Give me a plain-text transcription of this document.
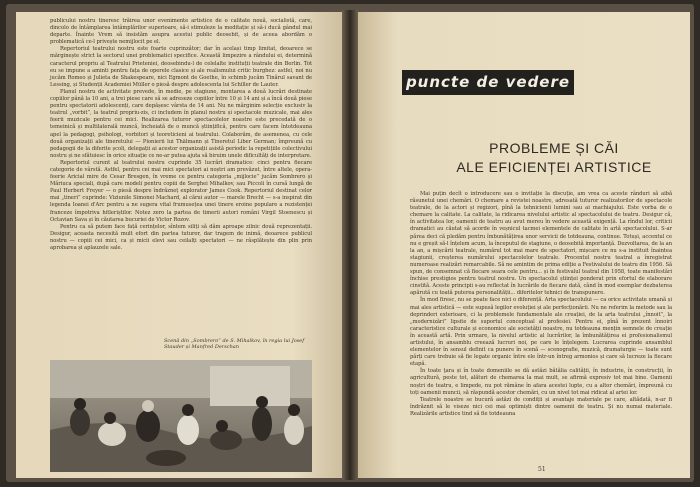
publicului nostru tineresc trăirea unor evenimente artistice de o calitate nouă, socialistă, care, dincolo de întâmplarea întâmplărilor superioare, să-i stimuleze la meditație și să-i ducă gândul mai departe. Înainte Vrem să insistăm asupra acestui public deosebit, și de aceea abordăm o problematică ce-l privește nemijlocit pe el.

Repertoriul teatrului nostru este foarte cuprinzător; dar în același timp limitat, deoarece se mărginește strict la sectorul unei problematici specifice. Această limpezire a rândului ei, determină caracterul propriu al Teatrului Prieteniei, deosebindu-l de celelalte instituții teatrale din Berlin. Tot eu se impune a aminti pentru fața de operele clasice și ale realismului critic burghez: astfel, noi nu jucăm Romeo și Julieta de Shakespeare, nici Egmont de Goethe, în schimb jucăm Tinărul savant de Lessing, și Studenții Academiei Müller o piesă despre adolescenta lui Schiller de Lauter.

Planul nostru de activitate prevede, în medie, pe stagiune, montarea a două lucrări destinate copiilor până la 10 ani, a trei piese care să se adreseze copiilor între 10 și 14 ani și a încă două piese pentru spectatorii adolescenți, care depășesc vârsta de 14 ani. Nu ne mărginim selecție exclusiv la teatrul „vorbit”, la teatrul propriu-zis, ci includem în planul nostru și spectacole muzicale, mai ales feerii muzicale pentru cei mici. Realizarea tuturor spectacolelor noastre este precedată de o temeinică și multilaterală muncă, încheiată de o muncă științifică, pentru care facem întotdeauna apel la pedagogi, psihologi, vorbitori și teoreticieni ai teatrului. Colaborăm, de asemenea, cu cele două organizații ale tineretului — Pionierii lui Thälmann și Tineretul Liber German; împreună cu pedagogii de la diferite școli, delegații ai acestor organizații asistă periodic la repetițiile colectivului nostru și ne sfătuiesc în orice situație ce ne-ar putea ajuta să biruim unele dificultăți de interpretare.

Repertoriul curent al teatrului nostru cuprinde 35 lucrări dramatice: cinci pentru fiecare categorie de vârstă. Astfel, pentru cei mai mici spectatori ai noștri am prevăzut, între altele, opera-feerie Aricial mire de Cesar Bresgen, în vreme ce pentru categoria „mijlocie” jucăm Sombrero și Măriuca speciali, după care modeli pentru copiii de Serghei Mihalkov, sau Piccoli în cursă lungă de Paul Herbert Freyer — o piesă despre îndrăzneț explorator James Cook. Repertoriul destinat celor mai „tineri” cuprinde: Viziunile Simonei Machard, al cărui autor — marele Brecht — s-a inspirat din legenda Ioanei d'Arc pentru a ne sugera vital frumusețea unei tinere eroine populare a rezistenței franceze împotriva hitleriștilor. Notez zero la partea de timerii autori români Virgil Stoenescu și Octavian Sava și în căutarea bucuriei de Victor Rozov.

Pentru ca să putem face față cerințelor, sîntem siliți să dăm aproape zilnic două reprezentații. Desigur, aceasta necesită mult efort din partea tuturor, dar tragem de inimă, deoarece publicul nostru — copiii cei mici, ca și micii elevi sau ceilalți spectatori — ne răsplătește din plin prin aprobarea și aplauzele sale.

Scenă din „Sombrero” de S. Mihalkov, în regia lui Josef Stauder și Manfred Derschan
puncte de vedere
PROBLEME ȘI CĂI
ALE EFICIENȚEI ARTISTICE

Mai puțin decît o introducere sau o invitație la discuție, am vrea ca aceste rânduri să aibă răsunetul unei chemări. O chemare a revistei noastre, adresată tuturor realizatorilor de spectacole teatrale, de la actori și regizori, pînă la tehnicienii lumini sau ai machiajului. Este vorba de o chemare la calitate. La calitate, la ridicarea nivelului artistic al spectacolului de teatru. Desigur că, în activitatea lor, oamenii de teatru au avut mereu în vedere această exigență. La rîndul lor, criticii dramatici au căutat să acorde în veșnicul tacmei elementele de calitate în artă spectacolului. S-ar părea deci că pledăm pentru îmbunătățirea unor servicii de totdeauna, continue. Totuși, accentul ce nu e greșit să-l înțelem acum, la începutul de stagiune, o deosebită importanță. Dezvoltarea, de la an la an, a mișcării teatrale, numărul tot mai mare de spectatori, mișcare ce nu s-a instituit înaintea stagiunii, creșterea numărului spectacolelor teatrale. Procentul nostru teatral a înregistrat numeroase realizări remarcabile. Să ne amintim de prima ediție a Festivalului de teatru din 1956. Să spun, de consemnat că fiecare seara cele pentru... și în festivalul teatral din 1958, toate manifestări închise prestigios pentru teatrul nostru. Un spectacolul științei ponderat prin efortul de elaborare cinstită. Aceste principii s-au reflectat în lucrările de fiecare dată, când în mod exemplar dezbaterea apărută cu toată puterea personalității... diferitelor tehnici de transpunere.

În mod firesc, nu se poate face nici o diferență. Arta spectacolului — ca orice activitate umană și mai ales artistică — este supusă legilor evoluției și ale perfecționării. Nu ne referim la metode sau la deprinderi exterioare, ci la problemele fundamentale ale creației, de la arta teatrului „înnoit”, la „modernizări” lipsite de suportul conceptual al profesiei. Pentru ei, pînă în prezent înnoiri caracteristice culturale și economice ale societății noastre, nu totdeauna mențin semnele de creație în această artă. Prin urmare, la nivelul artistic al lucrărilor, la îmbunătățirea ei profesionalismul artistului, în ansamblu creează lucruri noi, pe care le înțelegem. Lucrarea cuprinde ansamblul elementelor în sensul definit ca punere în scenă — scenografie, muzică, dramaturgie — toate sunt părți care trebuie să fie legate organic între ele într-un întreg armonios și care să lucreze la fiecare etapă.

În toate ţara și în toate domeniile se dă astăzi bătălia calității, în industrie, în construcții, în agricultură, peste tot, alături de chemarea la mai mult, se afirmă expresiv tot mai bine. Oamenii noștri de teatru, e limpede, nu pot rămâne în afara acestei lupte, cu a altor chemări, împreună cu toți oamenii muncii, să răspundă acestor chemări, cu un nivel tot mai ridicat al artei lor.

Teatrele noastre se bucură astăzi de condiții și avantaje materiale pe care, altădată, n-ar fi îndrăznit să le viseze nici cei mai optimiști dintre oamenii de teatru. Și nu numai materiale. Realizările artistice tind să fie totdeauna

51
